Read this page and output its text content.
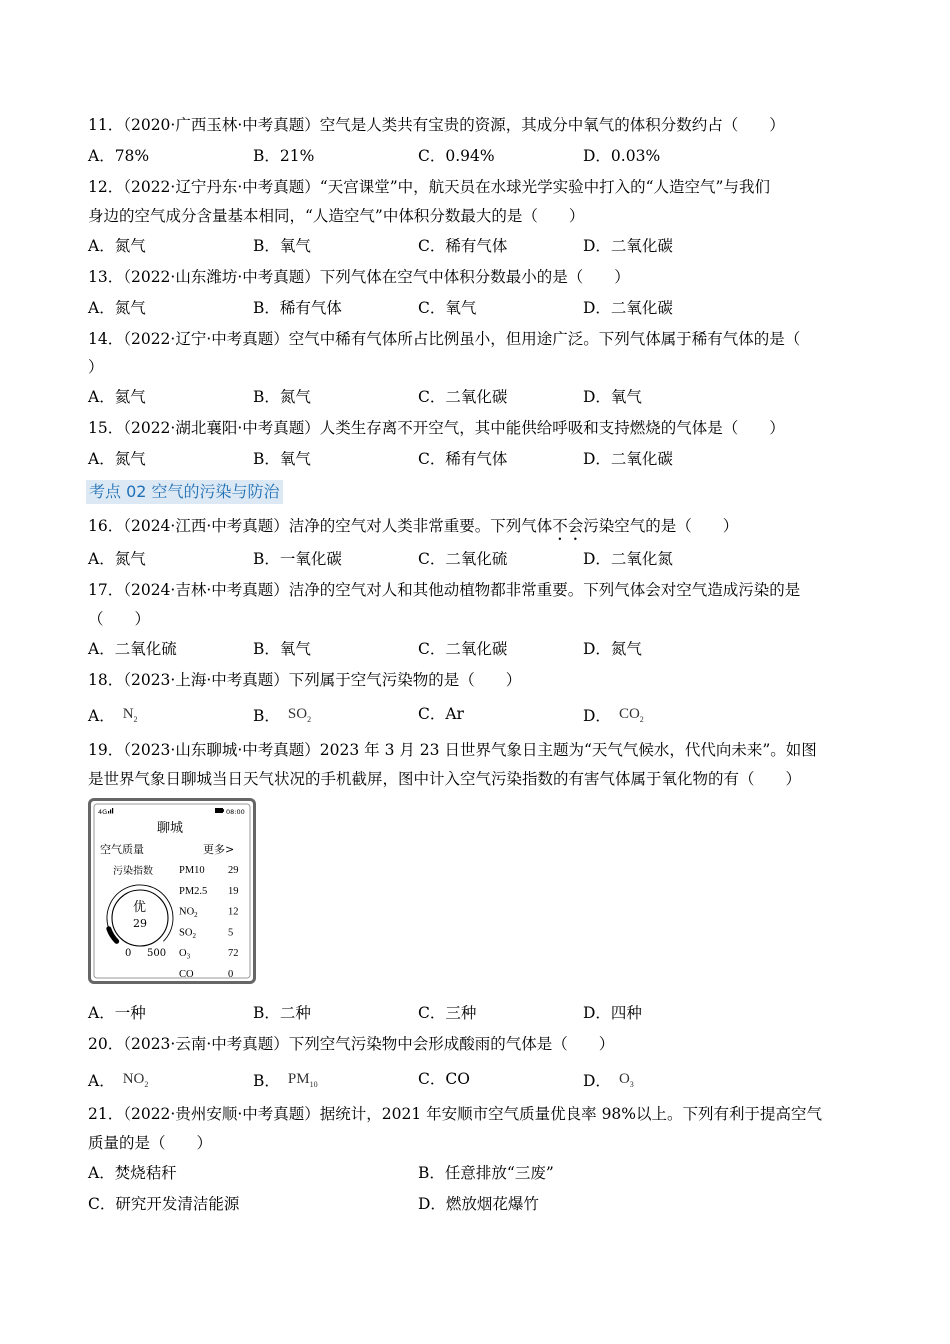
11．（2020·广西玉林·中考真题）空气是人类共有宝贵的资源，其成分中氧气的体积分数约占（　　）
A．78%	B．21%	C．0.94%	D．0.03%
12．（2022·辽宁丹东·中考真题）“天宫课堂”中，航天员在水球光学实验中打入的“人造空气”与我们
身边的空气成分含量基本相同，“人造空气”中体积分数最大的是（　　）
A．氮气	B．氧气	C．稀有气体	D．二氧化碳
13．（2022·山东潍坊·中考真题）下列气体在空气中体积分数最小的是（　　）
A．氮气	B．稀有气体	C．氧气	D．二氧化碳
14．（2022·辽宁·中考真题）空气中稀有气体所占比例虽小，但用途广泛。下列气体属于稀有气体的是（
）
A．氦气	B．氮气	C．二氧化碳	D．氧气
15．（2022·湖北襄阳·中考真题）人类生存离不开空气，其中能供给呼吸和支持燃烧的气体是（　　）
A．氮气	B．氧气	C．稀有气体	D．二氧化碳
考点 02 空气的污染与防治
16．（2024·江西·中考真题）洁净的空气对人类非常重要。下列气体不会污染空气的是（　　）
A．氮气	B．一氧化碳	C．二氧化硫	D．二氧化氮
17．（2024·吉林·中考真题）洁净的空气对人和其他动植物都非常重要。下列气体会对空气造成污染的是
（　　）
A．二氧化硫	B．氧气	C．二氧化碳	D．氮气
18．（2023·上海·中考真题）下列属于空气污染物的是（　　）
A． $N_2$	B． $SO_2$	C．Ar	D． $CO_2$
19．（2023·山东聊城·中考真题）2023 年 3 月 23 日世界气象日主题为“天气气候水，代代向未来”。如图
是世界气象日聊城当日天气状况的手机截屏，图中计入空气污染指数的有害气体属于氧化物的有（　　）
4G	08:00
聊城
空气质量	更多>
污染指数
优
29
0 500
PM10 29
PM2.5 19
$NO_2$	12
$SO_2$	5
$O_3$	72
CO	0
A．一种	B．二种	C．三种	D．四种
20．（2023·云南·中考真题）下列空气污染物中会形成酸雨的气体是（　　）
A． $NO_2$	B． $PM_{10}$	C．CO	D． $O_3$
21．（2022·贵州安顺·中考真题）据统计，2021 年安顺市空气质量优良率 98%以上。下列有利于提高空气
质量的是（　　）
A．焚烧秸秆	B．任意排放“三废”
C．研究开发清洁能源	D．燃放烟花爆竹
